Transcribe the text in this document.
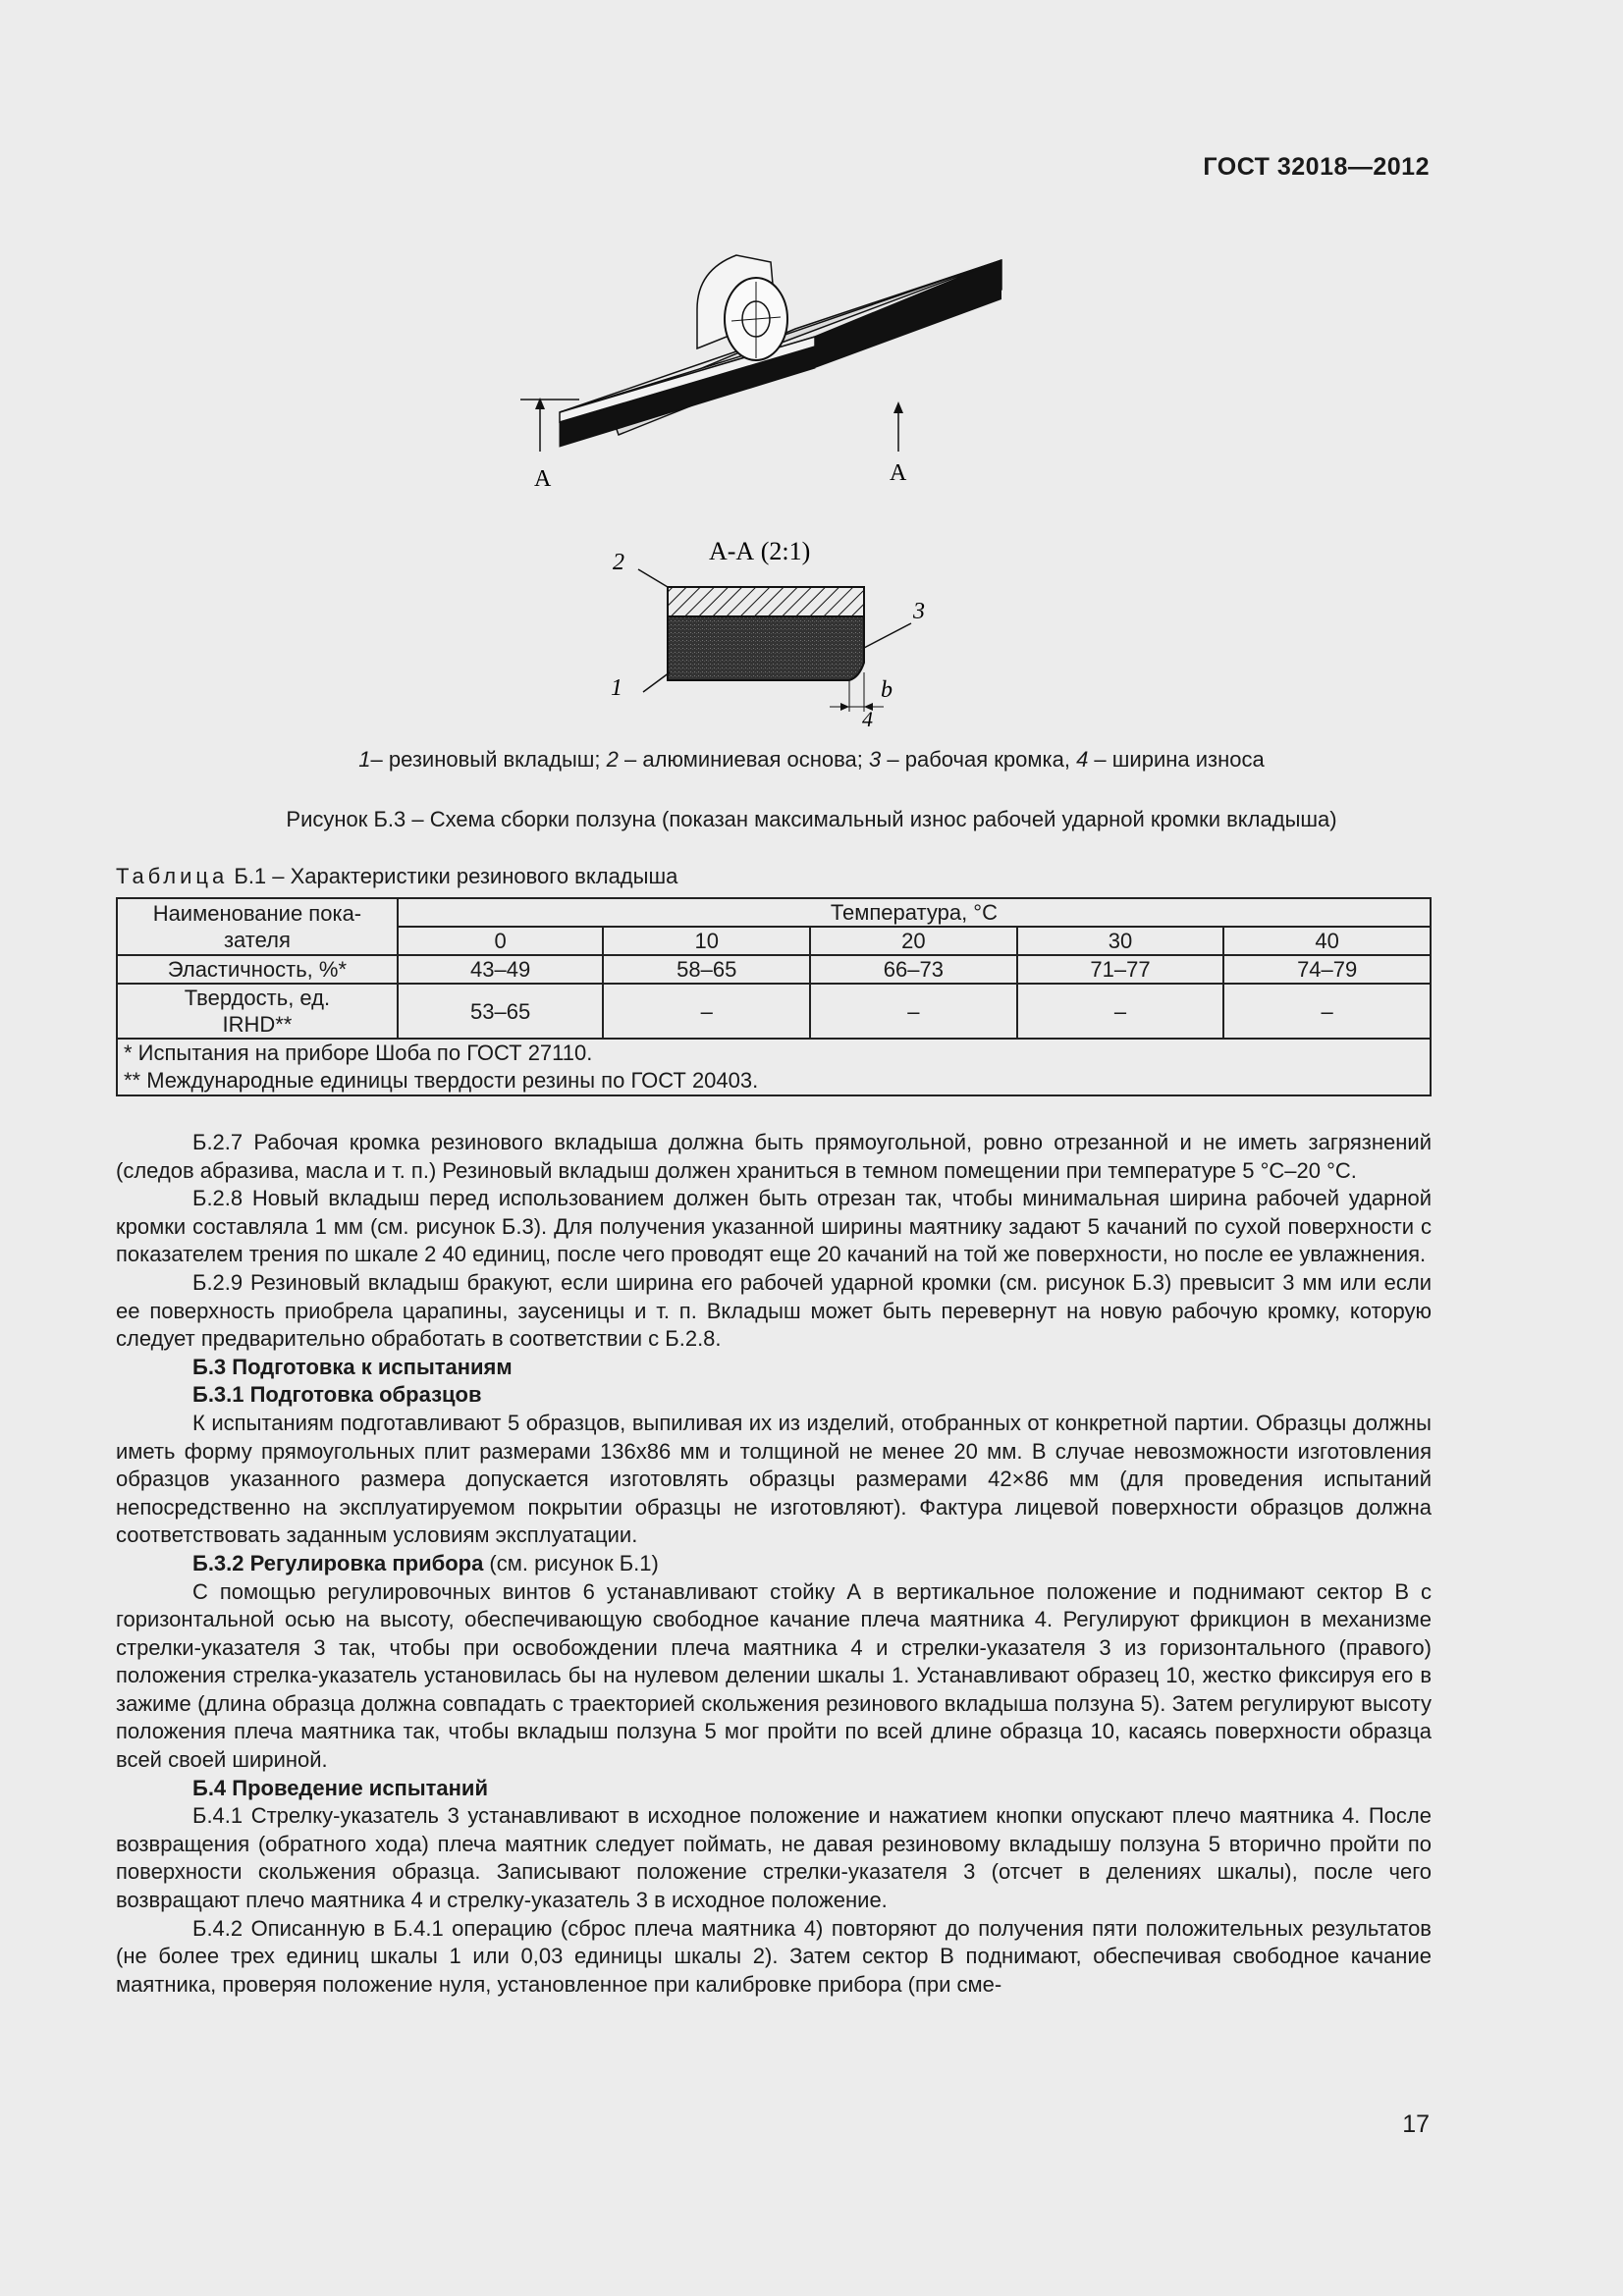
ГОСТ 32018—2012
А	А
А-А (2:1)
2
3
1	b
4
1– резиновый вкладыш; 2 – алюминиевая основа; 3 – рабочая кромка, 4 – ширина износа
Рисунок Б.3 – Схема сборки ползуна (показан максимальный износ рабочей ударной кромки вкладыша)
Таблица Б.1 – Характеристики резинового вкладыша
Наименование пока-зателя	Температура, °С				
	0	10	20	30	40
Эластичность, %*	43–49	58–65	66–73	71–77	74–79
Твердость, ед. IRHD**	53–65	–	–	–	–

* Испытания на приборе Шоба по ГОСТ 27110.
** Международные единицы твердости резины по ГОСТ 20403.					

Б.2.7 Рабочая кромка резинового вкладыша должна быть прямоугольной, ровно отрезанной и не иметь загрязнений (следов абразива, масла и т. п.) Резиновый вкладыш должен храниться в темном помещении при температуре 5 °С–20 °С.

Б.2.8 Новый вкладыш перед использованием должен быть отрезан так, чтобы минимальная ширина рабочей ударной кромки составляла 1 мм (см. рисунок Б.3). Для получения указанной ширины маятнику задают 5 качаний по сухой поверхности с показателем трения по шкале 2 40 единиц, после чего проводят еще 20 качаний на той же поверхности, но после ее увлажнения.

Б.2.9 Резиновый вкладыш бракуют, если ширина его рабочей ударной кромки (см. рисунок Б.3) превысит 3 мм или если ее поверхность приобрела царапины, заусеницы и т. п. Вкладыш может быть перевернут на новую рабочую кромку, которую следует предварительно обработать в соответствии с Б.2.8.

Б.3 Подготовка к испытаниям

Б.3.1 Подготовка образцов

К испытаниям подготавливают 5 образцов, выпиливая их из изделий, отобранных от конкретной партии. Образцы должны иметь форму прямоугольных плит размерами 136x86 мм и толщиной не менее 20 мм. В случае невозможности изготовления образцов указанного размера допускается изготовлять образцы размерами 42×86 мм (для проведения испытаний непосредственно на эксплуатируемом покрытии образцы не изготовляют). Фактура лицевой поверхности образцов должна соответствовать заданным условиям эксплуатации.

Б.3.2 Регулировка прибора (см. рисунок Б.1)

С помощью регулировочных винтов 6 устанавливают стойку А в вертикальное положение и поднимают сектор В с горизонтальной осью на высоту, обеспечивающую свободное качание плеча маятника 4. Регулируют фрикцион в механизме стрелки-указателя 3 так, чтобы при освобождении плеча маятника 4 и стрелки-указателя 3 из горизонтального (правого) положения стрелка-указатель установилась бы на нулевом делении шкалы 1. Устанавливают образец 10, жестко фиксируя его в зажиме (длина образца должна совпадать с траекторией скольжения резинового вкладыша ползуна 5). Затем регулируют высоту положения плеча маятника так, чтобы вкладыш ползуна 5 мог пройти по всей длине образца 10, касаясь поверхности образца всей своей шириной.

Б.4 Проведение испытаний

Б.4.1 Стрелку-указатель 3 устанавливают в исходное положение и нажатием кнопки опускают плечо маятника 4. После возвращения (обратного хода) плеча маятник следует поймать, не давая резиновому вкладышу ползуна 5 вторично пройти по поверхности скольжения образца. Записывают положение стрелки-указателя 3 (отсчет в делениях шкалы), после чего возвращают плечо маятника 4 и стрелку-указатель 3 в исходное положение.

Б.4.2 Описанную в Б.4.1 операцию (сброс плеча маятника 4) повторяют до получения пяти положительных результатов (не более трех единиц шкалы 1 или 0,03 единицы шкалы 2). Затем сектор В поднимают, обеспечивая свободное качание маятника, проверяя положение нуля, установленное при калибровке прибора (при сме-

17
